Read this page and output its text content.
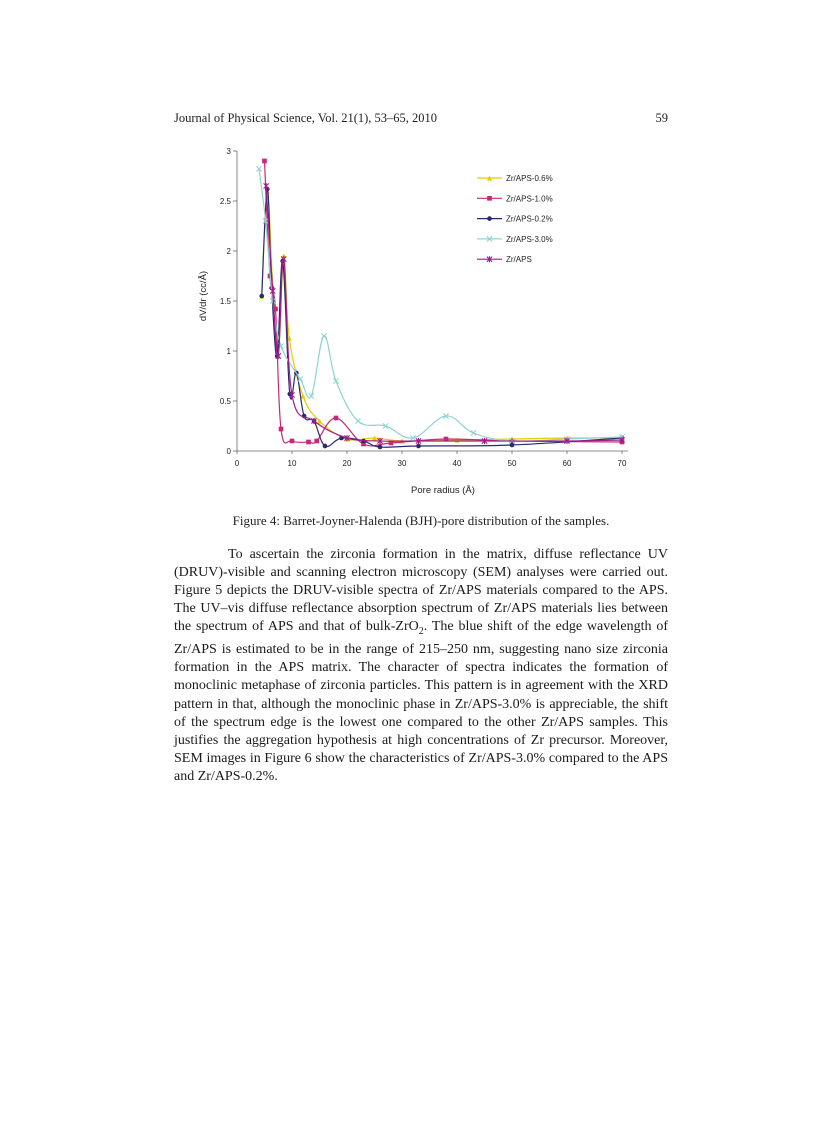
Journal of Physical Science, Vol. 21(1), 53–65, 2010	59
0
0.5
1
1.5
2
2.5
3
0	10	20	30	40	50	60	70
Zr/APS-0.6%
Zr/APS-1.0%
Zr/APS-0.2%
Zr/APS-3.0%
Zr/APS
Pore radius (Å)
dV/dr (cc/Å)
Figure 4: Barret-Joyner-Halenda (BJH)-pore distribution of the samples.

To ascertain the zirconia formation in the matrix, diffuse reflectance UV (DRUV)-visible and scanning electron microscopy (SEM) analyses were carried out. Figure 5 depicts the DRUV-visible spectra of Zr/APS materials compared to the APS. The UV–vis diffuse reflectance absorption spectrum of Zr/APS materials lies between the spectrum of APS and that of bulk-ZrO$_2$. The blue shift of the edge wavelength of Zr/APS is estimated to be in the range of 215–250 nm, suggesting nano size zirconia formation in the APS matrix. The character of spectra indicates the formation of monoclinic metaphase of zirconia particles. This pattern is in agreement with the XRD pattern in that, although the monoclinic phase in Zr/APS-3.0% is appreciable, the shift of the spectrum edge is the lowest one compared to the other Zr/APS samples. This justifies the aggregation hypothesis at high concentrations of Zr precursor. Moreover, SEM images in Figure 6 show the characteristics of Zr/APS-3.0% compared to the APS and Zr/APS-0.2%.
